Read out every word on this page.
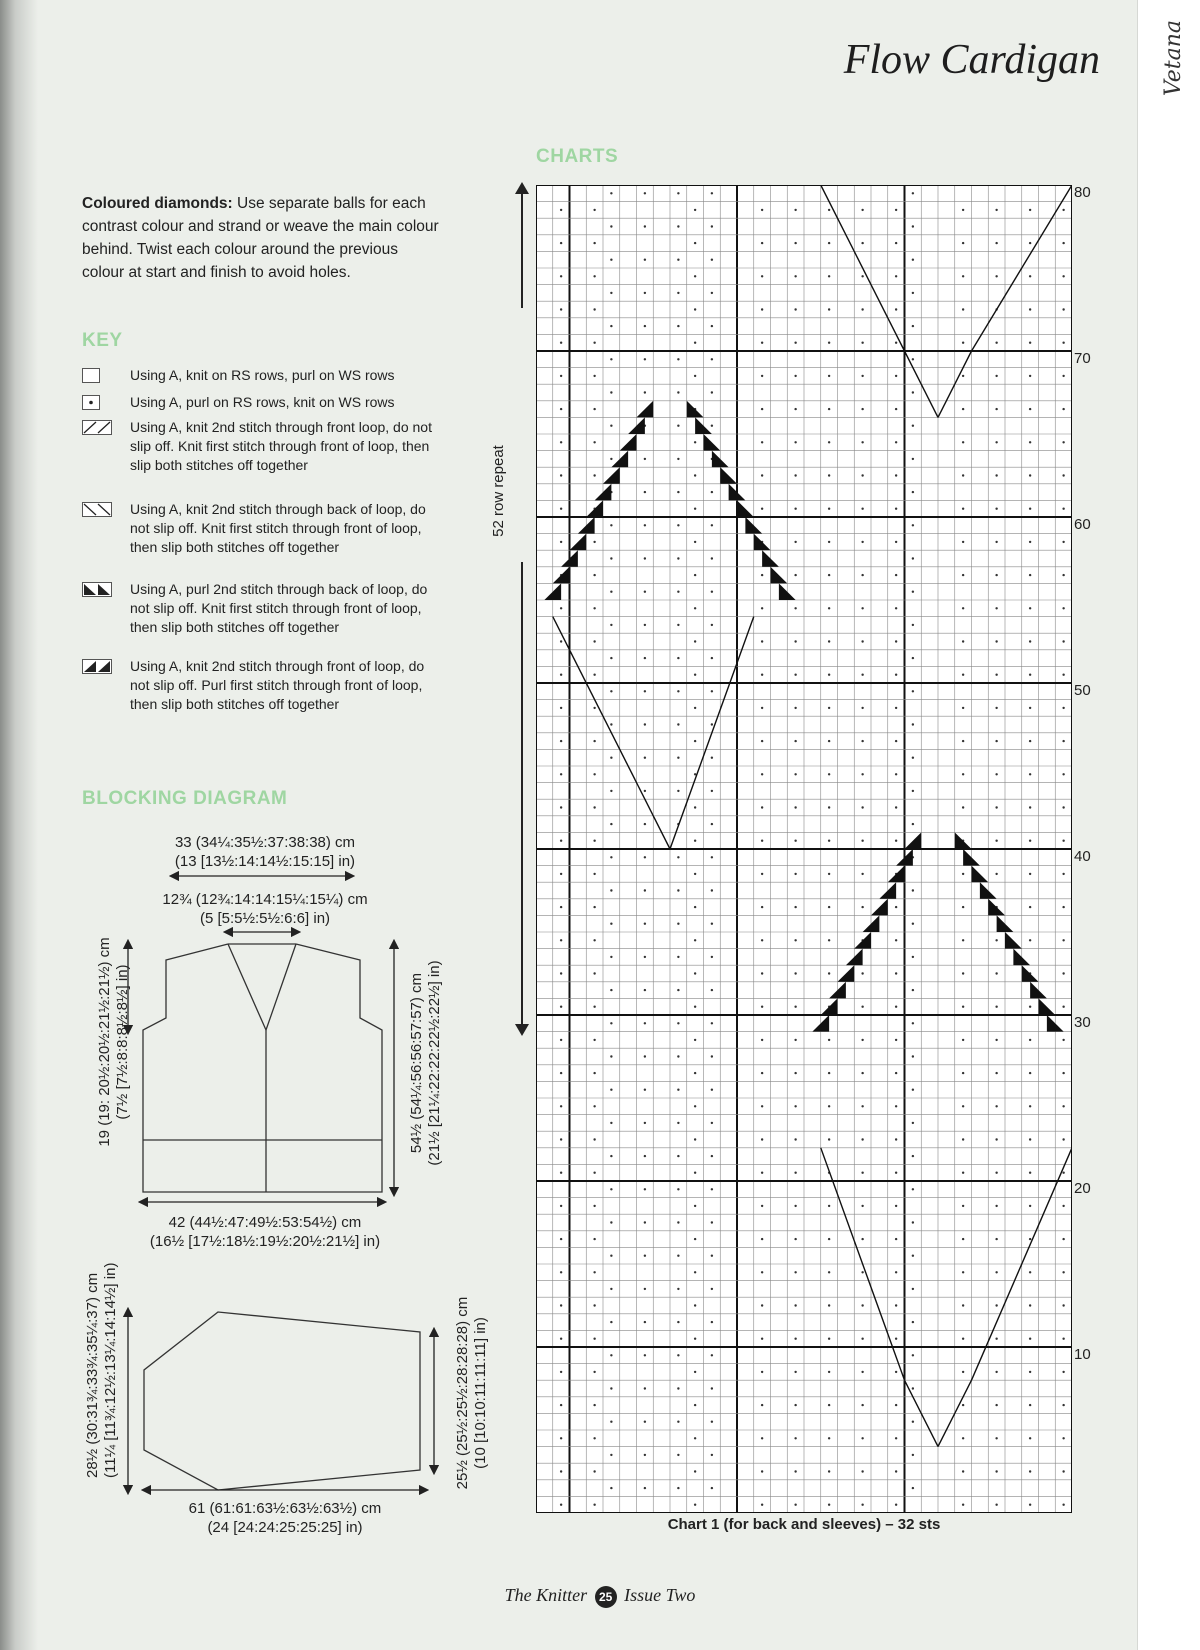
Vetana
Flow Cardigan
Coloured diamonds: Use separate balls for each contrast colour and strand or weave the main colour behind. Twist each colour around the previous colour at start and finish to avoid holes.
KEY
Using A, knit on RS rows, purl on WS rows
Using A, purl on RS rows, knit on WS rows
Using A, knit 2nd stitch through front loop, do not slip off. Knit first stitch through front of loop, then slip both stitches off together
Using A, knit 2nd stitch through back of loop, do not slip off. Knit first stitch through front of loop, then slip both stitches off together
Using A, purl 2nd stitch through back of loop, do not slip off. Knit first stitch through front of loop, then slip both stitches off together
Using A, knit 2nd stitch through front of loop, do not slip off. Purl first stitch through front of loop, then slip both stitches off together
BLOCKING DIAGRAM
33 (34¼:35½:37:38:38) cm
(13 [13½:14:14½:15:15] in)
12¾ (12¾:14:14:15¼:15¼) cm
(5 [5:5½:5½:6:6] in)
19 (19: 20½:20½:21½:21½) cm (7½ [7½:8:8:8½:8½] in)	54½ (54¼:56:56:57:57) cm (21½ [21¼:22:22:22½:22½] in)
42 (44½:47:49½:53:54½) cm
(16½ [17½:18½:19½:20½:21½] in)
28½ (30:31¾:33¾:35¼:37) cm (11¼ [11¾:12½:13¼:14:14½] in)	25½ (25½:25½:28:28:28) cm (10 [10:10:11:11:11] in)
61 (61:61:63½:63½:63½) cm
(24 [24:24:25:25:25] in)
CHARTS
52 row repeat
80
70
60
50
40
30
20
10
Chart 1 (for back and sleeves) – 32 sts
The Knitter 25 Issue Two
